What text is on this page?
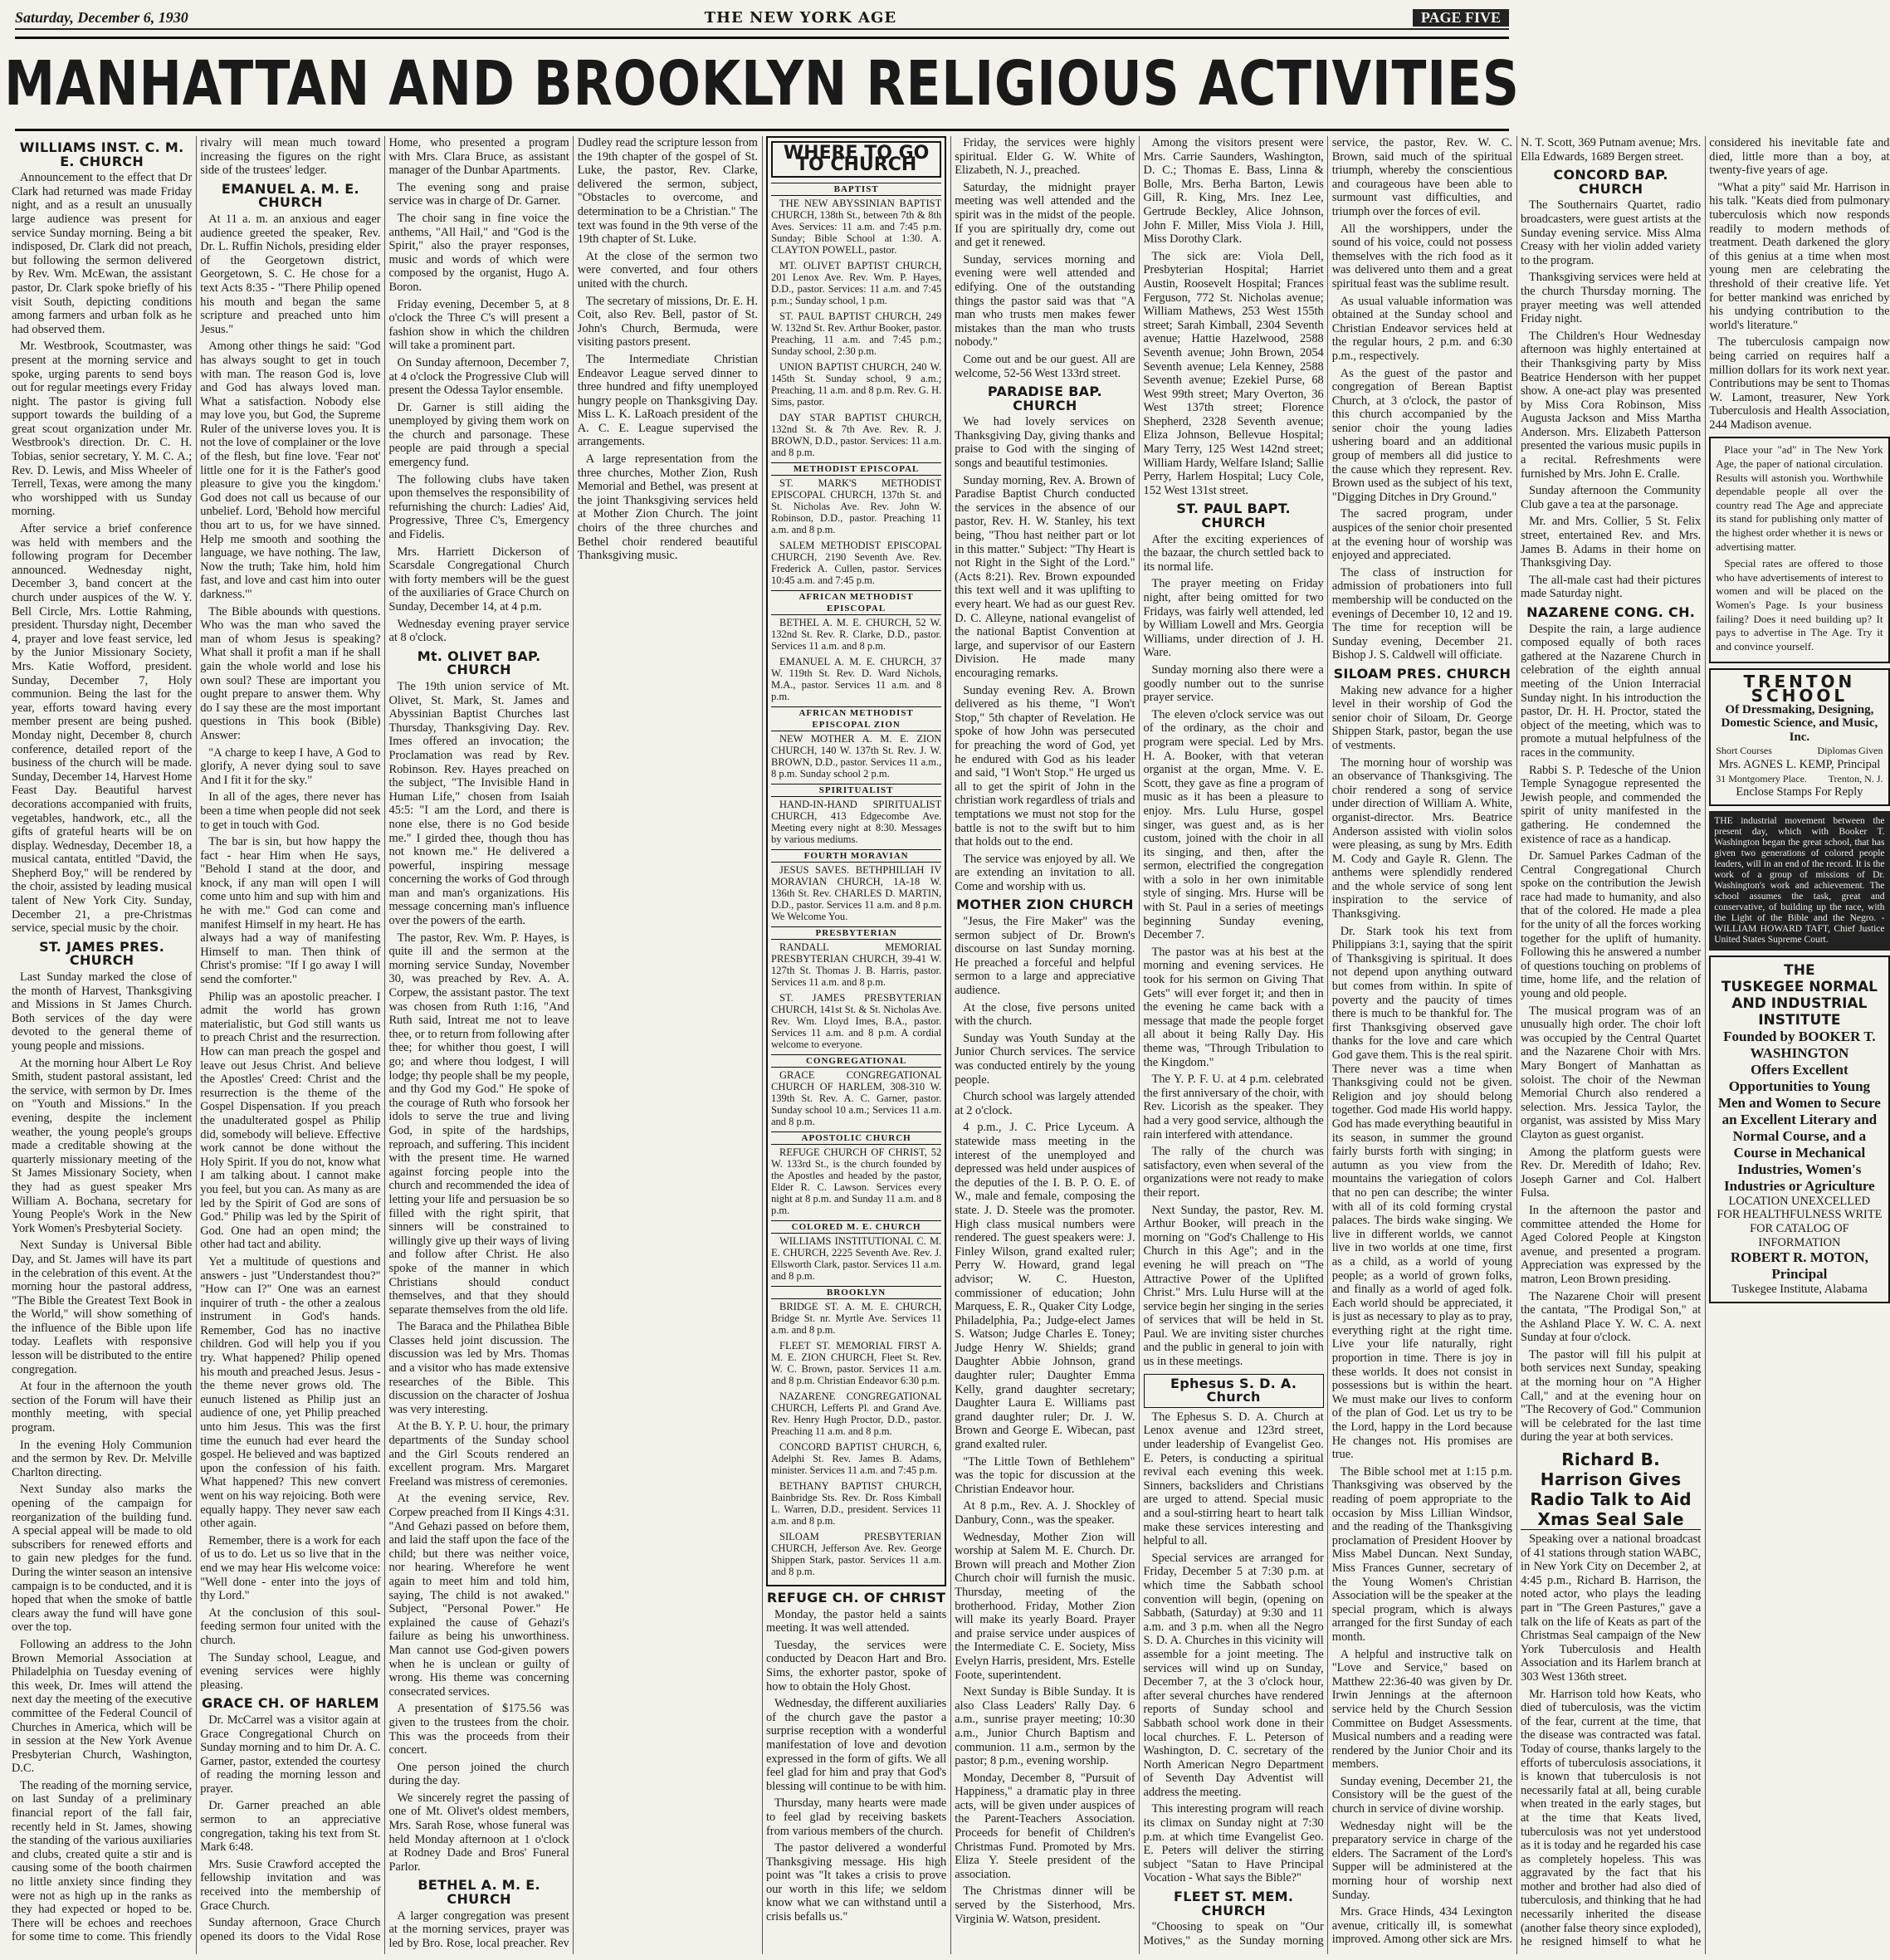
Saturday, December 6, 1930	THE NEW YORK AGE	PAGE FIVE
MANHATTAN AND BROOKLYN RELIGIOUS ACTIVITIES
WILLIAMS INST. C. M. E. CHURCH

Announcement to the effect that Dr Clark had returned was made Friday night, and as a result an unusually large audience was present for service Sunday morning. Being a bit indisposed, Dr. Clark did not preach, but following the sermon delivered by Rev. Wm. McEwan, the assistant pastor, Dr. Clark spoke briefly of his visit South, depicting conditions among farmers and urban folk as he had observed them.

Mr. Westbrook, Scoutmaster, was present at the morning service and spoke, urging parents to send boys out for regular meetings every Friday night. The pastor is giving full support towards the building of a great scout organization under Mr. Westbrook's direction. Dr. C. H. Tobias, senior secretary, Y. M. C. A.; Rev. D. Lewis, and Miss Wheeler of Terrell, Texas, were among the many who worshipped with us Sunday morning.

After service a brief conference was held with members and the following program for December announced. Wednesday night, December 3, band concert at the church under auspices of the W. Y. Bell Circle, Mrs. Lottie Rahming, president. Thursday night, December 4, prayer and love feast service, led by the Junior Missionary Society, Mrs. Katie Wofford, president. Sunday, December 7, Holy communion. Being the last for the year, efforts toward having every member present are being pushed. Monday night, December 8, church conference, detailed report of the business of the church will be made. Sunday, December 14, Harvest Home Feast Day. Beautiful harvest decorations accompanied with fruits, vegetables, handwork, etc., all the gifts of grateful hearts will be on display. Wednesday, December 18, a musical cantata, entitled "David, the Shepherd Boy," will be rendered by the choir, assisted by leading musical talent of New York City. Sunday, December 21, a pre-Christmas service, special music by the choir.

ST. JAMES PRES. CHURCH

Last Sunday marked the close of the month of Harvest, Thanksgiving and Missions in St James Church. Both services of the day were devoted to the general theme of young people and missions.

At the morning hour Albert Le Roy Smith, student pastoral assistant, led the service, with sermon by Dr. Imes on "Youth and Missions." In the evening, despite the inclement weather, the young people's groups made a creditable showing at the quarterly missionary meeting of the St James Missionary Society, when they had as guest speaker Mrs William A. Bochana, secretary for Young People's Work in the New York Women's Presbyterial Society.

Next Sunday is Universal Bible Day, and St. James will have its part in the celebration of this event. At the morning hour the pastoral address, "The Bible the Greatest Text Book in the World," will show something of the influence of the Bible upon life today. Leaflets with responsive lesson will be distributed to the entire congregation.

At four in the afternoon the youth section of the Forum will have their monthly meeting, with special program.

In the evening Holy Communion and the sermon by Rev. Dr. Melville Charlton directing.

Next Sunday also marks the opening of the campaign for reorganization of the building fund. A special appeal will be made to old subscribers for renewed efforts and to gain new pledges for the fund. During the winter season an intensive campaign is to be conducted, and it is hoped that when the smoke of battle clears away the fund will have gone over the top.

Following an address to the John Brown Memorial Association at Philadelphia on Tuesday evening of this week, Dr. Imes will attend the next day the meeting of the executive committee of the Federal Council of Churches in America, which will be in session at the New York Avenue Presbyterian Church, Washington, D.C.

The reading of the morning service, on last Sunday of a preliminary financial report of the fall fair, recently held in St. James, showing the standing of the various auxiliaries and clubs, created quite a stir and is causing some of the booth chairmen no little anxiety since finding they were not as high up in the ranks as they had expected or hoped to be. There will be echoes and reechoes for some time to come. This friendly rivalry will mean much toward increasing the figures on the right side of the trustees' ledger.

EMANUEL A. M. E. CHURCH

At 11 a. m. an anxious and eager audience greeted the speaker, Rev. Dr. L. Ruffin Nichols, presiding elder of the Georgetown district, Georgetown, S. C. He chose for a text Acts 8:35 - "There Philip opened his mouth and began the same scripture and preached unto him Jesus."

Among other things he said: "God has always sought to get in touch with man. The reason God is, love and God has always loved man. What a satisfaction. Nobody else may love you, but God, the Supreme Ruler of the universe loves you. It is not the love of complainer or the love of the flesh, but fine love. 'Fear not' little one for it is the Father's good pleasure to give you the kingdom.' God does not call us because of our unbelief. Lord, 'Behold how merciful thou art to us, for we have sinned. Help me smooth and soothing the language, we have nothing. The law, Now the truth; Take him, hold him fast, and love and cast him into outer darkness.'"

The Bible abounds with questions. Who was the man who saved the man of whom Jesus is speaking? What shall it profit a man if he shall gain the whole world and lose his own soul? These are important you ought prepare to answer them. Why do I say these are the most important questions in This book (Bible) Answer:

"A charge to keep I have, A God to glorify, A never dying soul to save And I fit it for the sky."

In all of the ages, there never has been a time when people did not seek to get in touch with God.

The bar is sin, but how happy the fact - hear Him when He says, "Behold I stand at the door, and knock, if any man will open I will come unto him and sup with him and he with me." God can come and manifest Himself in my heart. He has always had a way of manifesting Himself to man. Then think of Christ's promise: "If I go away I will send the comforter."

Philip was an apostolic preacher. I admit the world has grown materialistic, but God still wants us to preach Christ and the resurrection. How can man preach the gospel and leave out Jesus Christ. And believe the Apostles' Creed: Christ and the resurrection is the theme of the Gospel Dispensation. If you preach the unadulterated gospel as Philip did, somebody will believe. Effective work cannot be done without the Holy Spirit. If you do not, know what I am talking about. I cannot make you feel, but you can. As many as are led by the Spirit of God are sons of God." Philip was led by the Spirit of God. One had an open mind; the other had tact and ability.

Yet a multitude of questions and answers - just "Understandest thou?" "How can I?" One was an earnest inquirer of truth - the other a zealous instrument in God's hands. Remember, God has no inactive children. God will help you if you try. What happened? Philip opened his mouth and preached Jesus. Jesus - the theme never grows old. The eunuch listened as Philip just an audience of one, yet Philip preached unto him Jesus. This was the first time the eunuch had ever heard the gospel. He believed and was baptized upon the confession of his faith. What happened? This new convert went on his way rejoicing. Both were equally happy. They never saw each other again.

Remember, there is a work for each of us to do. Let us so live that in the end we may hear His welcome voice: "Well done - enter into the joys of thy Lord."

At the conclusion of this soul-feeding sermon four united with the church.

The Sunday school, League, and evening services were highly pleasing.

GRACE CH. OF HARLEM

Dr. McCarrel was a visitor again at Grace Congregational Church on Sunday morning and to him Dr. A. C. Garner, pastor, extended the courtesy of reading the morning lesson and prayer.

Dr. Garner preached an able sermon to an appreciative congregation, taking his text from St. Mark 6:48.

Mrs. Susie Crawford accepted the fellowship invitation and was received into the membership of Grace Church.

Sunday afternoon, Grace Church opened its doors to the Vidal Rose Home, who presented a program with Mrs. Clara Bruce, as assistant manager of the Dunbar Apartments.

The evening song and praise service was in charge of Dr. Garner.

The choir sang in fine voice the anthems, "All Hail," and "God is the Spirit," also the prayer responses, music and words of which were composed by the organist, Hugo A. Boron.

Friday evening, December 5, at 8 o'clock the Three C's will present a fashion show in which the children will take a prominent part.

On Sunday afternoon, December 7, at 4 o'clock the Progressive Club will present the Odessa Taylor ensemble.

Dr. Garner is still aiding the unemployed by giving them work on the church and parsonage. These people are paid through a special emergency fund.

The following clubs have taken upon themselves the responsibility of refurnishing the church: Ladies' Aid, Progressive, Three C's, Emergency and Fidelis.

Mrs. Harriett Dickerson of Scarsdale Congregational Church with forty members will be the guest of the auxiliaries of Grace Church on Sunday, December 14, at 4 p.m.

Wednesday evening prayer service at 8 o'clock.

Mt. OLIVET BAP. CHURCH

The 19th union service of Mt. Olivet, St. Mark, St. James and Abyssinian Baptist Churches last Thursday, Thanksgiving Day. Rev. Imes offered an invocation; the Proclamation was read by Rev. Robinson. Rev. Hayes preached on the subject, "The Invisible Hand in Human Life," chosen from Isaiah 45:5: "I am the Lord, and there is none else, there is no God beside me." I girded thee, though thou has not known me." He delivered a powerful, inspiring message concerning the works of God through man and man's organizations. His message concerning man's influence over the powers of the earth.

The pastor, Rev. Wm. P. Hayes, is quite ill and the sermon at the morning service Sunday, November 30, was preached by Rev. A. A. Corpew, the assistant pastor. The text was chosen from Ruth 1:16, "And Ruth said, Intreat me not to leave thee, or to return from following after thee; for whither thou goest, I will go; and where thou lodgest, I will lodge; thy people shall be my people, and thy God my God." He spoke of the courage of Ruth who forsook her idols to serve the true and living God, in spite of the hardships, reproach, and suffering. This incident with the present time. He warned against forcing people into the church and recommended the idea of letting your life and persuasion be so filled with the right spirit, that sinners will be constrained to willingly give up their ways of living and follow after Christ. He also spoke of the manner in which Christians should conduct themselves, and that they should separate themselves from the old life.

The Baraca and the Philathea Bible Classes held joint discussion. The discussion was led by Mrs. Thomas and a visitor who has made extensive researches of the Bible. This discussion on the character of Joshua was very interesting.

At the B. Y. P. U. hour, the primary departments of the Sunday school and the Girl Scouts rendered an excellent program. Mrs. Margaret Freeland was mistress of ceremonies.

At the evening service, Rev. Corpew preached from II Kings 4:31. "And Gehazi passed on before them, and laid the staff upon the face of the child; but there was neither voice, nor hearing. Wherefore he went again to meet him and told him, saying, The child is not awaked." Subject, "Personal Power." He explained the cause of Gehazi's failure as being his unworthiness. Man cannot use God-given powers when he is unclean or guilty of wrong. His theme was concerning consecrated services.

A presentation of $175.56 was given to the trustees from the choir. This was the proceeds from their concert.

One person joined the church during the day.

We sincerely regret the passing of one of Mt. Olivet's oldest members, Mrs. Sarah Rose, whose funeral was held Monday afternoon at 1 o'clock at Rodney Dade and Bros' Funeral Parlor.

BETHEL A. M. E. CHURCH

A larger congregation was present at the morning services, prayer was led by Bro. Rose, local preacher. Rev Dudley read the scripture lesson from the 19th chapter of the gospel of St. Luke, the pastor, Rev. Clarke, delivered the sermon, subject, "Obstacles to overcome, and determination to be a Christian." The text was found in the 9th verse of the 19th chapter of St. Luke.

At the close of the sermon two were converted, and four others united with the church.

The secretary of missions, Dr. E. H. Coit, also Rev. Bell, pastor of St. John's Church, Bermuda, were visiting pastors present.

The Intermediate Christian Endeavor League served dinner to three hundred and fifty unemployed hungry people on Thanksgiving Day. Miss L. K. LaRoach president of the A. C. E. League supervised the arrangements.

A large representation from the three churches, Mother Zion, Rush Memorial and Bethel, was present at the joint Thanksgiving services held at Mother Zion Church. The joint choirs of the three churches and Bethel choir rendered beautiful Thanksgiving music.

WHERE TO GO TO CHURCH
BAPTIST

THE NEW ABYSSINIAN BAPTIST CHURCH, 138th St., between 7th & 8th Aves. Services: 11 a.m. and 7:45 p.m. Sunday; Bible School at 1:30. A. CLAYTON POWELL, pastor.

MT. OLIVET BAPTIST CHURCH, 201 Lenox Ave. Rev. Wm. P. Hayes, D.D., pastor. Services: 11 a.m. and 7:45 p.m.; Sunday school, 1 p.m.

ST. PAUL BAPTIST CHURCH, 249 W. 132nd St. Rev. Arthur Booker, pastor. Preaching, 11 a.m. and 7:45 p.m.; Sunday school, 2:30 p.m.

UNION BAPTIST CHURCH, 240 W. 145th St. Sunday school, 9 a.m.; Preaching, 11 a.m. and 8 p.m. Rev. G. H. Sims, pastor.

DAY STAR BAPTIST CHURCH, 132nd St. & 7th Ave. Rev. R. J. BROWN, D.D., pastor. Services: 11 a.m. and 8 p.m.

METHODIST EPISCOPAL

ST. MARK'S METHODIST EPISCOPAL CHURCH, 137th St. and St. Nicholas Ave. Rev. John W. Robinson, D.D., pastor. Preaching 11 a.m. and 8 p.m.

SALEM METHODIST EPISCOPAL CHURCH, 2190 Seventh Ave. Rev. Frederick A. Cullen, pastor. Services 10:45 a.m. and 7:45 p.m.

AFRICAN METHODIST EPISCOPAL

BETHEL A. M. E. CHURCH, 52 W. 132nd St. Rev. R. Clarke, D.D., pastor. Services 11 a.m. and 8 p.m.

EMANUEL A. M. E. CHURCH, 37 W. 119th St. Rev. D. Ward Nichols, M.A., pastor. Services 11 a.m. and 8 p.m.

AFRICAN METHODIST EPISCOPAL ZION

NEW MOTHER A. M. E. ZION CHURCH, 140 W. 137th St. Rev. J. W. BROWN, D.D., pastor. Services 11 a.m., 8 p.m. Sunday school 2 p.m.

SPIRITUALIST

HAND-IN-HAND SPIRITUALIST CHURCH, 413 Edgecombe Ave. Meeting every night at 8:30. Messages by various mediums.

FOURTH MORAVIAN

JESUS SAVES. BETHPHILIAH IV MORAVIAN CHURCH, 1A-18 W. 136th St. Rev. CHARLES D. MARTIN, D.D., pastor. Services 11 a.m. and 8 p.m. We Welcome You.

PRESBYTERIAN

RANDALL MEMORIAL PRESBYTERIAN CHURCH, 39-41 W. 127th St. Thomas J. B. Harris, pastor. Services 11 a.m. and 8 p.m.

ST. JAMES PRESBYTERIAN CHURCH, 141st St. & St. Nicholas Ave. Rev. Wm. Lloyd Imes, B.A., pastor. Services 11 a.m. and 8 p.m. A cordial welcome to everyone.

CONGREGATIONAL

GRACE CONGREGATIONAL CHURCH OF HARLEM, 308-310 W. 139th St. Rev. A. C. Garner, pastor. Sunday school 10 a.m.; Services 11 a.m. and 8 p.m.

APOSTOLIC CHURCH

REFUGE CHURCH OF CHRIST, 52 W. 133rd St., is the church founded by the Apostles and headed by the pastor, Elder R. C. Lawson. Services every night at 8 p.m. and Sunday 11 a.m. and 8 p.m.

COLORED M. E. CHURCH

WILLIAMS INSTITUTIONAL C. M. E. CHURCH, 2225 Seventh Ave. Rev. J. Ellsworth Clark, pastor. Services 11 a.m. and 8 p.m.

BROOKLYN

BRIDGE ST. A. M. E. CHURCH, Bridge St. nr. Myrtle Ave. Services 11 a.m. and 8 p.m.

FLEET ST. MEMORIAL FIRST A. M. E. ZION CHURCH, Fleet St. Rev. W. C. Brown, pastor. Services 11 a.m. and 8 p.m. Christian Endeavor 6:30 p.m.

NAZARENE CONGREGATIONAL CHURCH, Lefferts Pl. and Grand Ave. Rev. Henry Hugh Proctor, D.D., pastor. Preaching 11 a.m. and 8 p.m.

CONCORD BAPTIST CHURCH, 6, Adelphi St. Rev. James B. Adams, minister. Services 11 a.m. and 7:45 p.m.

BETHANY BAPTIST CHURCH, Bainbridge Sts. Rev. Dr. Ross Kimball L. Warren, D.D., president. Services 11 a.m. and 8 p.m.

SILOAM PRESBYTERIAN CHURCH, Jefferson Ave. Rev. George Shippen Stark, pastor. Services 11 a.m. and 8 p.m.

REFUGE CH. OF CHRIST

Monday, the pastor held a saints meeting. It was well attended.

Tuesday, the services were conducted by Deacon Hart and Bro. Sims, the exhorter pastor, spoke of how to obtain the Holy Ghost.

Wednesday, the different auxiliaries of the church gave the pastor a surprise reception with a wonderful manifestation of love and devotion expressed in the form of gifts. We all feel glad for him and pray that God's blessing will continue to be with him.

Thursday, many hearts were made to feel glad by receiving baskets from various members of the church.

The pastor delivered a wonderful Thanksgiving message. His high point was "It takes a crisis to prove our worth in this life; we seldom know what we can withstand until a crisis befalls us."

Friday, the services were highly spiritual. Elder G. W. White of Elizabeth, N. J., preached.

Saturday, the midnight prayer meeting was well attended and the spirit was in the midst of the people. If you are spiritually dry, come out and get it renewed.

Sunday, services morning and evening were well attended and edifying. One of the outstanding things the pastor said was that "A man who trusts men makes fewer mistakes than the man who trusts nobody."

Come out and be our guest. All are welcome, 52-56 West 133rd street.

PARADISE BAP. CHURCH

We had lovely services on Thanksgiving Day, giving thanks and praise to God with the singing of songs and beautiful testimonies.

Sunday morning, Rev. A. Brown of Paradise Baptist Church conducted the services in the absence of our pastor, Rev. H. W. Stanley, his text being, "Thou hast neither part or lot in this matter." Subject: "Thy Heart is not Right in the Sight of the Lord." (Acts 8:21). Rev. Brown expounded this text well and it was uplifting to every heart. We had as our guest Rev. D. C. Alleyne, national evangelist of the national Baptist Convention at large, and supervisor of our Eastern Division. He made many encouraging remarks.

Sunday evening Rev. A. Brown delivered as his theme, "I Won't Stop," 5th chapter of Revelation. He spoke of how John was persecuted for preaching the word of God, yet he endured with God as his leader and said, "I Won't Stop." He urged us all to get the spirit of John in the christian work regardless of trials and temptations we must not stop for the battle is not to the swift but to him that holds out to the end.

The service was enjoyed by all. We are extending an invitation to all. Come and worship with us.

MOTHER ZION CHURCH

"Jesus, the Fire Maker" was the sermon subject of Dr. Brown's discourse on last Sunday morning. He preached a forceful and helpful sermon to a large and appreciative audience.

At the close, five persons united with the church.

Sunday was Youth Sunday at the Junior Church services. The service was conducted entirely by the young people.

Church school was largely attended at 2 o'clock.

4 p.m., J. C. Price Lyceum. A statewide mass meeting in the interest of the unemployed and depressed was held under auspices of the deputies of the I. B. P. O. E. of W., male and female, composing the state. J. D. Steele was the promoter. High class musical numbers were rendered. The guest speakers were: J. Finley Wilson, grand exalted ruler; Perry W. Howard, grand legal advisor; W. C. Hueston, commissioner of education; John Marquess, E. R., Quaker City Lodge, Philadelphia, Pa.; Judge-elect James S. Watson; Judge Charles E. Toney; Judge Henry W. Shields; grand Daughter Abbie Johnson, grand daughter ruler; Daughter Emma Kelly, grand daughter secretary; Daughter Laura E. Williams past grand daughter ruler; Dr. J. W. Brown and George E. Wibecan, past grand exalted ruler.

"The Little Town of Bethlehem" was the topic for discussion at the Christian Endeavor hour.

At 8 p.m., Rev. A. J. Shockley of Danbury, Conn., was the speaker.

Wednesday, Mother Zion will worship at Salem M. E. Church. Dr. Brown will preach and Mother Zion Church choir will furnish the music. Thursday, meeting of the brotherhood. Friday, Mother Zion will make its yearly Board. Prayer and praise service under auspices of the Intermediate C. E. Society, Miss Evelyn Harris, president, Mrs. Estelle Foote, superintendent.

Next Sunday is Bible Sunday. It is also Class Leaders' Rally Day. 6 a.m., sunrise prayer meeting; 10:30 a.m., Junior Church Baptism and communion. 11 a.m., sermon by the pastor; 8 p.m., evening worship.

Monday, December 8, "Pursuit of Happiness," a dramatic play in three acts, will be given under auspices of the Parent-Teachers Association. Proceeds for benefit of Children's Christmas Fund. Promoted by Mrs. Eliza Y. Steele president of the association.

The Christmas dinner will be served by the Sisterhood, Mrs. Virginia W. Watson, president.

Among the visitors present were Mrs. Carrie Saunders, Washington, D. C.; Thomas E. Bass, Linna & Bolle, Mrs. Berha Barton, Lewis Gill, R. King, Mrs. Inez Lee, Gertrude Beckley, Alice Johnson, John F. Miller, Miss Viola J. Hill, Miss Dorothy Clark.

The sick are: Viola Dell, Presbyterian Hospital; Harriet Austin, Roosevelt Hospital; Frances Ferguson, 772 St. Nicholas avenue; William Mathews, 253 West 155th street; Sarah Kimball, 2304 Seventh avenue; Hattie Hazelwood, 2588 Seventh avenue; John Brown, 2054 Seventh avenue; Lela Kenney, 2588 Seventh avenue; Ezekiel Purse, 68 West 99th street; Mary Overton, 36 West 137th street; Florence Shepherd, 2328 Seventh avenue; Eliza Johnson, Bellevue Hospital; Mary Terry, 125 West 142nd street; William Hardy, Welfare Island; Sallie Perry, Harlem Hospital; Lucy Cole, 152 West 131st street.

ST. PAUL BAPT. CHURCH

After the exciting experiences of the bazaar, the church settled back to its normal life.

The prayer meeting on Friday night, after being omitted for two Fridays, was fairly well attended, led by William Lowell and Mrs. Georgia Williams, under direction of J. H. Ware.

Sunday morning also there were a goodly number out to the sunrise prayer service.

The eleven o'clock service was out of the ordinary, as the choir and program were special. Led by Mrs. H. A. Booker, with that veteran organist at the organ, Mme. V. E. Scott, they gave as fine a program of music as it has been a pleasure to enjoy. Mrs. Lulu Hurse, gospel singer, was guest and, as is her custom, joined with the choir in all its singing, and then, after the sermon, electrified the congregation with a solo in her own inimitable style of singing. Mrs. Hurse will be with St. Paul in a series of meetings beginning Sunday evening, December 7.

The pastor was at his best at the morning and evening services. He took for his sermon on Giving That Gets" will ever forget it; and then in the evening he came back with a message that made the people forget all about it being Rally Day. His theme was, "Through Tribulation to the Kingdom."

The Y. P. F. U. at 4 p.m. celebrated the first anniversary of the choir, with Rev. Licorish as the speaker. They had a very good service, although the rain interfered with attendance.

The rally of the church was satisfactory, even when several of the organizations were not ready to make their report.

Next Sunday, the pastor, Rev. M. Arthur Booker, will preach in the morning on "God's Challenge to His Church in this Age"; and in the evening he will preach on "The Attractive Power of the Uplifted Christ." Mrs. Lulu Hurse will at the service begin her singing in the series of services that will be held in St. Paul. We are inviting sister churches and the public in general to join with us in these meetings.

Ephesus S. D. A. Church

The Ephesus S. D. A. Church at Lenox avenue and 123rd street, under leadership of Evangelist Geo. E. Peters, is conducting a spiritual revival each evening this week. Sinners, backsliders and Christians are urged to attend. Special music and a soul-stirring heart to heart talk make these services interesting and helpful to all.

Special services are arranged for Friday, December 5 at 7:30 p.m. at which time the Sabbath school convention will begin, (opening on Sabbath, (Saturday) at 9:30 and 11 a.m. and 3 p.m. when all the Negro S. D. A. Churches in this vicinity will assemble for a joint meeting. The services will wind up on Sunday, December 7, at the 3 o'clock hour, after several churches have rendered reports of Sunday school and Sabbath school work done in their local churches. F. L. Peterson of Washington, D. C. secretary of the North American Negro Department of Seventh Day Adventist will address the meeting.

This interesting program will reach its climax on Sunday night at 7:30 p.m. at which time Evangelist Geo. E. Peters will deliver the stirring subject "Satan to Have Principal Vocation - What says the Bible?"

FLEET ST. MEM. CHURCH

"Choosing to speak on "Our Motives," as the Sunday morning service, the pastor, Rev. W. C. Brown, said much of the spiritual triumph, whereby the conscientious and courageous have been able to surmount vast difficulties, and triumph over the forces of evil.

All the worshippers, under the sound of his voice, could not possess themselves with the rich food as it was delivered unto them and a great spiritual feast was the sublime result.

As usual valuable information was obtained at the Sunday school and Christian Endeavor services held at the regular hours, 2 p.m. and 6:30 p.m., respectively.

As the guest of the pastor and congregation of Berean Baptist Church, at 3 o'clock, the pastor of this church accompanied by the senior choir the young ladies ushering board and an additional group of members all did justice to the cause which they represent. Rev. Brown used as the subject of his text, "Digging Ditches in Dry Ground."

The sacred program, under auspices of the senior choir presented at the evening hour of worship was enjoyed and appreciated.

The class of instruction for admission of probationers into full membership will be conducted on the evenings of December 10, 12 and 19. The time for reception will be Sunday evening, December 21. Bishop J. S. Caldwell will officiate.

SILOAM PRES. CHURCH

Making new advance for a higher level in their worship of God the senior choir of Siloam, Dr. George Shippen Stark, pastor, began the use of vestments.

The morning hour of worship was an observance of Thanksgiving. The choir rendered a song of service under direction of William A. White, organist-director. Mrs. Beatrice Anderson assisted with violin solos were pleasing, as sung by Mrs. Edith M. Cody and Gayle R. Glenn. The anthems were splendidly rendered and the whole service of song lent inspiration to the service of Thanksgiving.

Dr. Stark took his text from Philippians 3:1, saying that the spirit of Thanksgiving is spiritual. It does not depend upon anything outward but comes from within. In spite of poverty and the paucity of times there is much to be thankful for. The first Thanksgiving observed gave thanks for the love and care which God gave them. This is the real spirit. There never was a time when Thanksgiving could not be given. Religion and joy should belong together. God made His world happy. God has made everything beautiful in its season, in summer the ground fairly bursts forth with singing; in autumn as you view from the mountains the variegation of colors that no pen can describe; the winter with all of its cold forming crystal palaces. The birds wake singing. We live in different worlds, we cannot live in two worlds at one time, first as a child, as a world of young people; as a world of grown folks, and finally as a world of aged folk. Each world should be appreciated, it is just as necessary to play as to pray, everything right at the right time. Live your life naturally, right proportion in time. There is joy in these worlds. It does not consist in possessions but is within the heart. We must make our lives to conform of the plan of God. Let us try to be the Lord, happy in the Lord because He changes not. His promises are true.

The Bible school met at 1:15 p.m. Thanksgiving was observed by the reading of poem appropriate to the occasion by Miss Lillian Windsor, and the reading of the Thanksgiving proclamation of President Hoover by Miss Mabel Duncan. Next Sunday, Miss Frances Gunner, secretary of the Young Women's Christian Association will be the speaker at the special program, which is always arranged for the first Sunday of each month.

A helpful and instructive talk on "Love and Service," based on Matthew 22:36-40 was given by Dr. Irwin Jennings at the afternoon service held by the Church Session Committee on Budget Assessments. Musical numbers and a reading were rendered by the Junior Choir and its members.

Sunday evening, December 21, the Consistory will be the guest of the church in service of divine worship.

Wednesday night will be the preparatory service in charge of the elders. The Sacrament of the Lord's Supper will be administered at the morning hour of worship next Sunday.

Mrs. Grace Hinds, 434 Lexington avenue, critically ill, is somewhat improved. Among other sick are Mrs. N. T. Scott, 369 Putnam avenue; Mrs. Ella Edwards, 1689 Bergen street.

CONCORD BAP. CHURCH

The Southernairs Quartet, radio broadcasters, were guest artists at the Sunday evening service. Miss Alma Creasy with her violin added variety to the program.

Thanksgiving services were held at the church Thursday morning. The prayer meeting was well attended Friday night.

The Children's Hour Wednesday afternoon was highly entertained at their Thanksgiving party by Miss Beatrice Henderson with her puppet show. A one-act play was presented by Miss Cora Robinson, Miss Augusta Jackson and Miss Martha Anderson. Mrs. Elizabeth Patterson presented the various music pupils in a recital. Refreshments were furnished by Mrs. John E. Cralle.

Sunday afternoon the Community Club gave a tea at the parsonage.

Mr. and Mrs. Collier, 5 St. Felix street, entertained Rev. and Mrs. James B. Adams in their home on Thanksgiving Day.

The all-male cast had their pictures made Saturday night.

NAZARENE CONG. CH.

Despite the rain, a large audience composed equally of both races gathered at the Nazarene Church in celebration of the eighth annual meeting of the Union Interracial Sunday night. In his introduction the pastor, Dr. H. H. Proctor, stated the object of the meeting, which was to promote a mutual helpfulness of the races in the community.

Rabbi S. P. Tedesche of the Union Temple Synagogue represented the Jewish people, and commended the spirit of unity manifested in the gathering. He condemned the existence of race as a handicap.

Dr. Samuel Parkes Cadman of the Central Congregational Church spoke on the contribution the Jewish race had made to humanity, and also that of the colored. He made a plea for the unity of all the forces working together for the uplift of humanity. Following this he answered a number of questions touching on problems of time, home life, and the relation of young and old people.

The musical program was of an unusually high order. The choir loft was occupied by the Central Quartet and the Nazarene Choir with Mrs. Mary Bongert of Manhattan as soloist. The choir of the Newman Memorial Church also rendered a selection. Mrs. Jessica Taylor, the organist, was assisted by Miss Mary Clayton as guest organist.

Among the platform guests were Rev. Dr. Meredith of Idaho; Rev. Joseph Garner and Col. Halbert Fulsa.

In the afternoon the pastor and committee attended the Home for Aged Colored People at Kingston avenue, and presented a program. Appreciation was expressed by the matron, Leon Brown presiding.

The Nazarene Choir will present the cantata, "The Prodigal Son," at the Ashland Place Y. W. C. A. next Sunday at four o'clock.

The pastor will fill his pulpit at both services next Sunday, speaking at the morning hour on "A Higher Call," and at the evening hour on "The Recovery of God." Communion will be celebrated for the last time during the year at both services.

Richard B. Harrison Gives Radio Talk to Aid Xmas Seal Sale

Speaking over a national broadcast of 41 stations through station WABC, in New York City on December 2, at 4:45 p.m., Richard B. Harrison, the noted actor, who plays the leading part in "The Green Pastures," gave a talk on the life of Keats as part of the Christmas Seal campaign of the New York Tuberculosis and Health Association and its Harlem branch at 303 West 136th street.

Mr. Harrison told how Keats, who died of tuberculosis, was the victim of the fear, current at the time, that the disease was contracted was fatal. Today of course, thanks largely to the efforts of tuberculosis associations, it is known that tuberculosis is not necessarily fatal at all, being curable when treated in the early stages, but at the time that Keats lived, tuberculosis was not yet understood as it is today and he regarded his case as completely hopeless. This was aggravated by the fact that his mother and brother had also died of tuberculosis, and thinking that he had necessarily inherited the disease (another false theory since exploded), he resigned himself to what he considered his inevitable fate and died, little more than a boy, at twenty-five years of age.

"What a pity" said Mr. Harrison in his talk. "Keats died from pulmonary tuberculosis which now responds readily to modern methods of treatment. Death darkened the glory of this genius at a time when most young men are celebrating the threshold of their creative life. Yet for better mankind was enriched by his undying contribution to the world's literature."

The tuberculosis campaign now being carried on requires half a million dollars for its work next year. Contributions may be sent to Thomas W. Lamont, treasurer, New York Tuberculosis and Health Association, 244 Madison avenue.

Place your "ad" in The New York Age, the paper of national circulation. Results will astonish you. Worthwhile dependable people all over the country read The Age and appreciate its stand for publishing only matter of the highest order whether it is news or advertising matter.

Special rates are offered to those who have advertisements of interest to women and will be placed on the Women's Page. Is your business failing? Does it need building up? It pays to advertise in The Age. Try it and convince yourself.

TRENTON SCHOOL
Of Dressmaking, Designing, Domestic Science, and Music, Inc.
Short Courses	Diplomas Given
Mrs. AGNES L. KEMP, Principal
31 Montgomery Place. Trenton, N. J.
Enclose Stamps For Reply
THE industrial movement between the present day, which with Booker T. Washington began the great school, that has given two generations of colored people leaders, will in an end of the record. It is the work of a group of missions of Dr. Washington's work and achievement. The school assumes the task, great and conservative, of building up the race, with the Light of the Bible and the Negro. - WILLIAM HOWARD TAFT, Chief Justice United States Supreme Court.
THE
TUSKEGEE NORMAL AND INDUSTRIAL INSTITUTE
Founded by BOOKER T. WASHINGTON
Offers Excellent Opportunities to Young Men and Women to Secure an Excellent Literary and Normal Course, and a Course in Mechanical Industries, Women's Industries or Agriculture
LOCATION UNEXCELLED FOR HEALTHFULNESS WRITE FOR CATALOG OF INFORMATION
ROBERT R. MOTON, Principal
Tuskegee Institute, Alabama
